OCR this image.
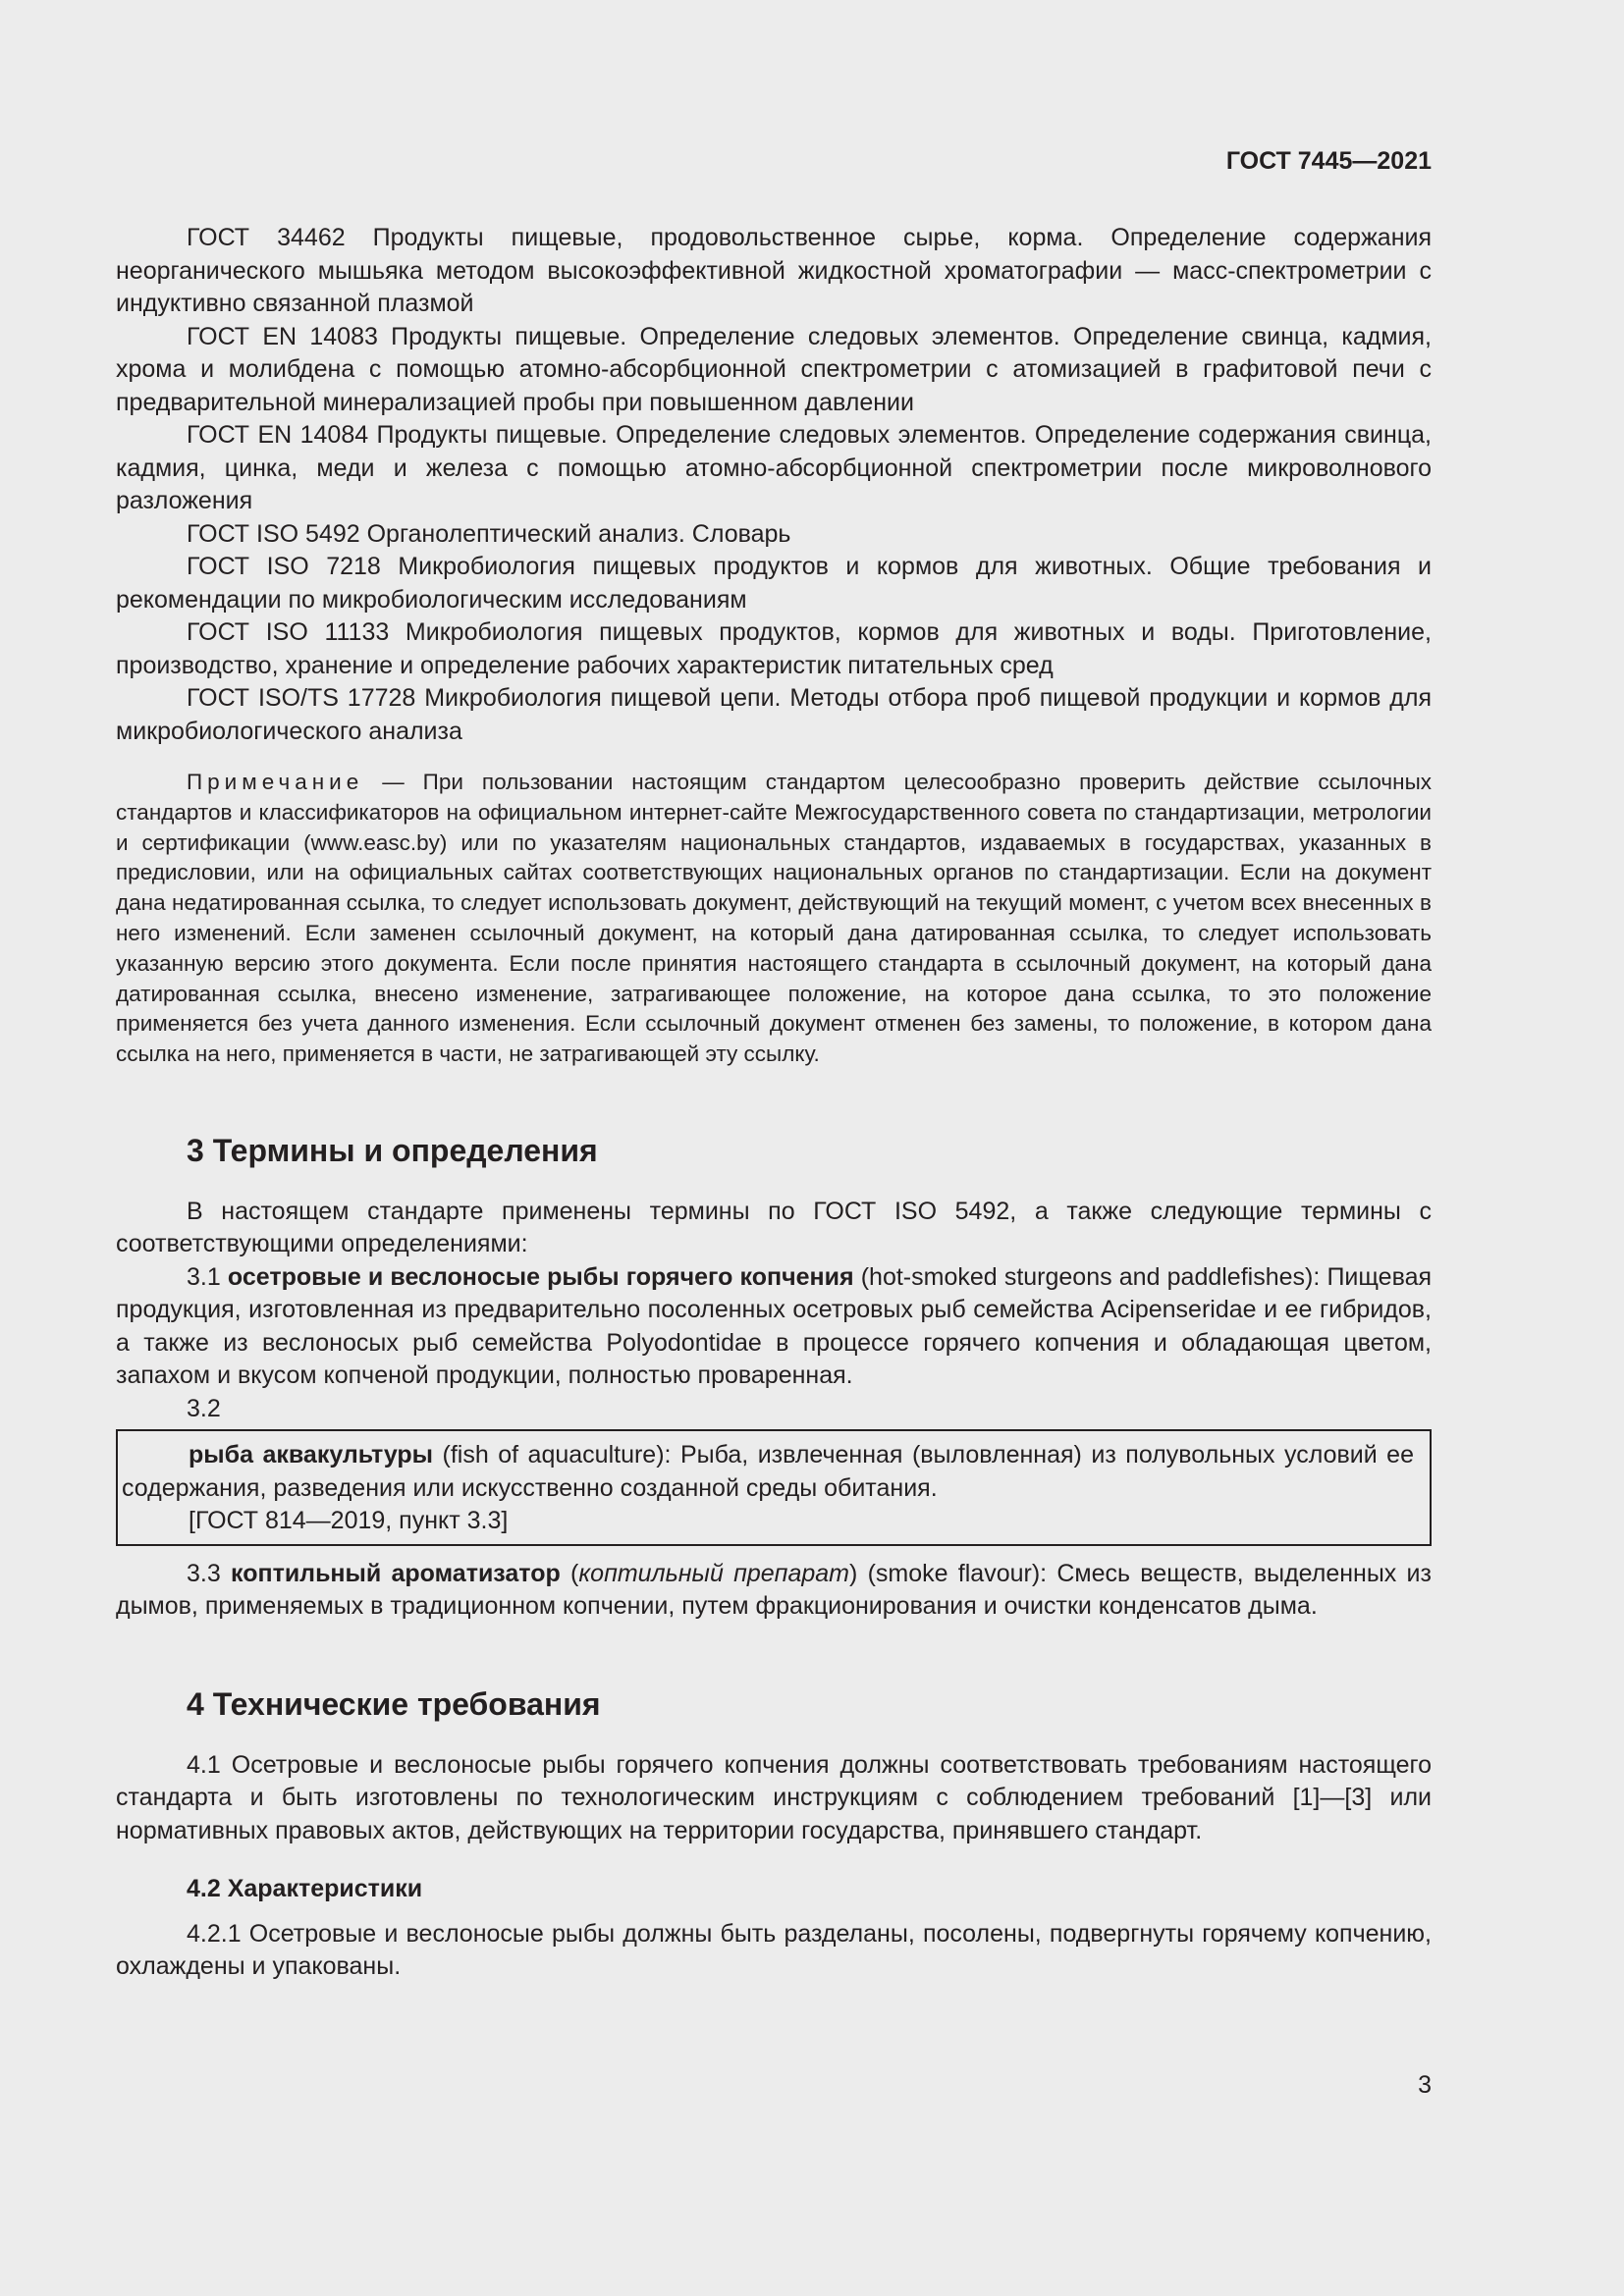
ГОСТ 7445—2021

ГОСТ 34462 Продукты пищевые, продовольственное сырье, корма. Определение содержания неорганического мышьяка методом высокоэффективной жидкостной хроматографии — масс-спектрометрии с индуктивно связанной плазмой

ГОСТ EN 14083 Продукты пищевые. Определение следовых элементов. Определение свинца, кадмия, хрома и молибдена с помощью атомно-абсорбционной спектрометрии с атомизацией в графитовой печи с предварительной минерализацией пробы при повышенном давлении

ГОСТ EN 14084 Продукты пищевые. Определение следовых элементов. Определение содержания свинца, кадмия, цинка, меди и железа с помощью атомно-абсорбционной спектрометрии после микроволнового разложения

ГОСТ ISO 5492 Органолептический анализ. Словарь

ГОСТ ISO 7218 Микробиология пищевых продуктов и кормов для животных. Общие требования и рекомендации по микробиологическим исследованиям

ГОСТ ISO 11133 Микробиология пищевых продуктов, кормов для животных и воды. Приготовление, производство, хранение и определение рабочих характеристик питательных сред

ГОСТ ISO/TS 17728 Микробиология пищевой цепи. Методы отбора проб пищевой продукции и кормов для микробиологического анализа

Примечание — При пользовании настоящим стандартом целесообразно проверить действие ссылочных стандартов и классификаторов на официальном интернет-сайте Межгосударственного совета по стандартизации, метрологии и сертификации (www.easc.by) или по указателям национальных стандартов, издаваемых в государствах, указанных в предисловии, или на официальных сайтах соответствующих национальных органов по стандартизации. Если на документ дана недатированная ссылка, то следует использовать документ, действующий на текущий момент, с учетом всех внесенных в него изменений. Если заменен ссылочный документ, на который дана датированная ссылка, то следует использовать указанную версию этого документа. Если после принятия настоящего стандарта в ссылочный документ, на который дана датированная ссылка, внесено изменение, затрагивающее положение, на которое дана ссылка, то это положение применяется без учета данного изменения. Если ссылочный документ отменен без замены, то положение, в котором дана ссылка на него, применяется в части, не затрагивающей эту ссылку.

3 Термины и определения

В настоящем стандарте применены термины по ГОСТ ISO 5492, а также следующие термины с соответствующими определениями:

3.1 осетровые и веслоносые рыбы горячего копчения (hot-smoked sturgeons and paddlefishes): Пищевая продукция, изготовленная из предварительно посоленных осетровых рыб семейства Acipenseridae и ее гибридов, а также из веслоносых рыб семейства Polyodontidae в процессе горячего копчения и обладающая цветом, запахом и вкусом копченой продукции, полностью проваренная.

3.2

рыба аквакультуры (fish of aquaculture): Рыба, извлеченная (выловленная) из полувольных условий ее содержания, разведения или искусственно созданной среды обитания.

[ГОСТ 814—2019, пункт 3.3]

3.3 коптильный ароматизатор (коптильный препарат) (smoke flavour): Смесь веществ, выделенных из дымов, применяемых в традиционном копчении, путем фракционирования и очистки конденсатов дыма.

4 Технические требования

4.1 Осетровые и веслоносые рыбы горячего копчения должны соответствовать требованиям настоящего стандарта и быть изготовлены по технологическим инструкциям с соблюдением требований [1]—[3] или нормативных правовых актов, действующих на территории государства, принявшего стандарт.

4.2 Характеристики

4.2.1 Осетровые и веслоносые рыбы должны быть разделаны, посолены, подвергнуты горячему копчению, охлаждены и упакованы.

3
